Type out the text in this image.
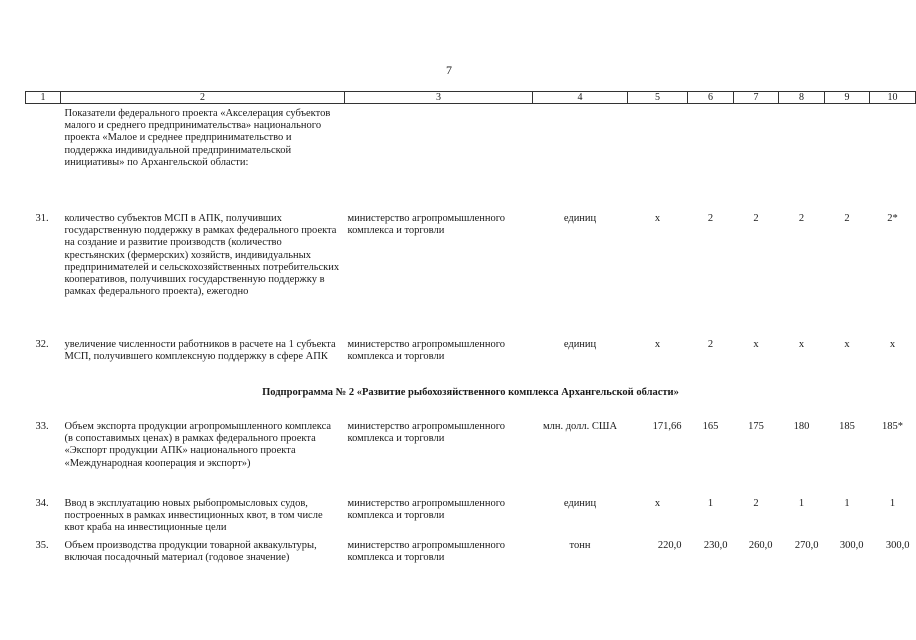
7
1	2	3	4	5	6	7	8	9	10
	Показатели федерального проекта «Акселерация субъектов малого и среднего предпринимательства» национального проекта «Малое и среднее предпринимательство и поддержка индивидуальной предпринимательской инициативы» по Архангельской области:								
31.	количество субъектов МСП в АПК, получивших государственную поддержку в рамках федерального проекта на создание и развитие производств (количество крестьянских (фермерских) хозяйств, индивидуальных предпринимателей и сельскохозяйственных потребительских кооперативов, получивших государственную поддержку в рамках федерального проекта), ежегодно	министерство агропромышленного комплекса и торговли	единиц	х	2	2	2	2	2*
32.	увеличение численности работников в расчете на 1 субъекта МСП, получившего комплексную поддержку в сфере АПК	министерство агропромышленного комплекса и торговли	единиц	х	2	х	х	х	х
Подпрограмма № 2 «Развитие рыбохозяйственного комплекса Архангельской области»									
33.	Объем экспорта продукции агропромышленного комплекса (в сопоставимых ценах) в рамках федерального проекта «Экспорт продукции АПК» национального проекта «Международная кооперация и экспорт»)	министерство агропромышленного комплекса и торговли	млн. долл. США	171,66	165	175	180	185	185*
34.	Ввод в эксплуатацию новых рыбопромысловых судов, построенных в рамках инвестиционных квот, в том числе квот краба на инвестиционные цели	министерство агропромышленного комплекса и торговли	единиц	х	1	2	1	1	1
35.	Объем производства продукции товарной аквакультуры, включая посадочный материал (годовое значение)	министерство агропромышленного комплекса и торговли	тонн	220,0	230,0	260,0	270,0	300,0	300,0
